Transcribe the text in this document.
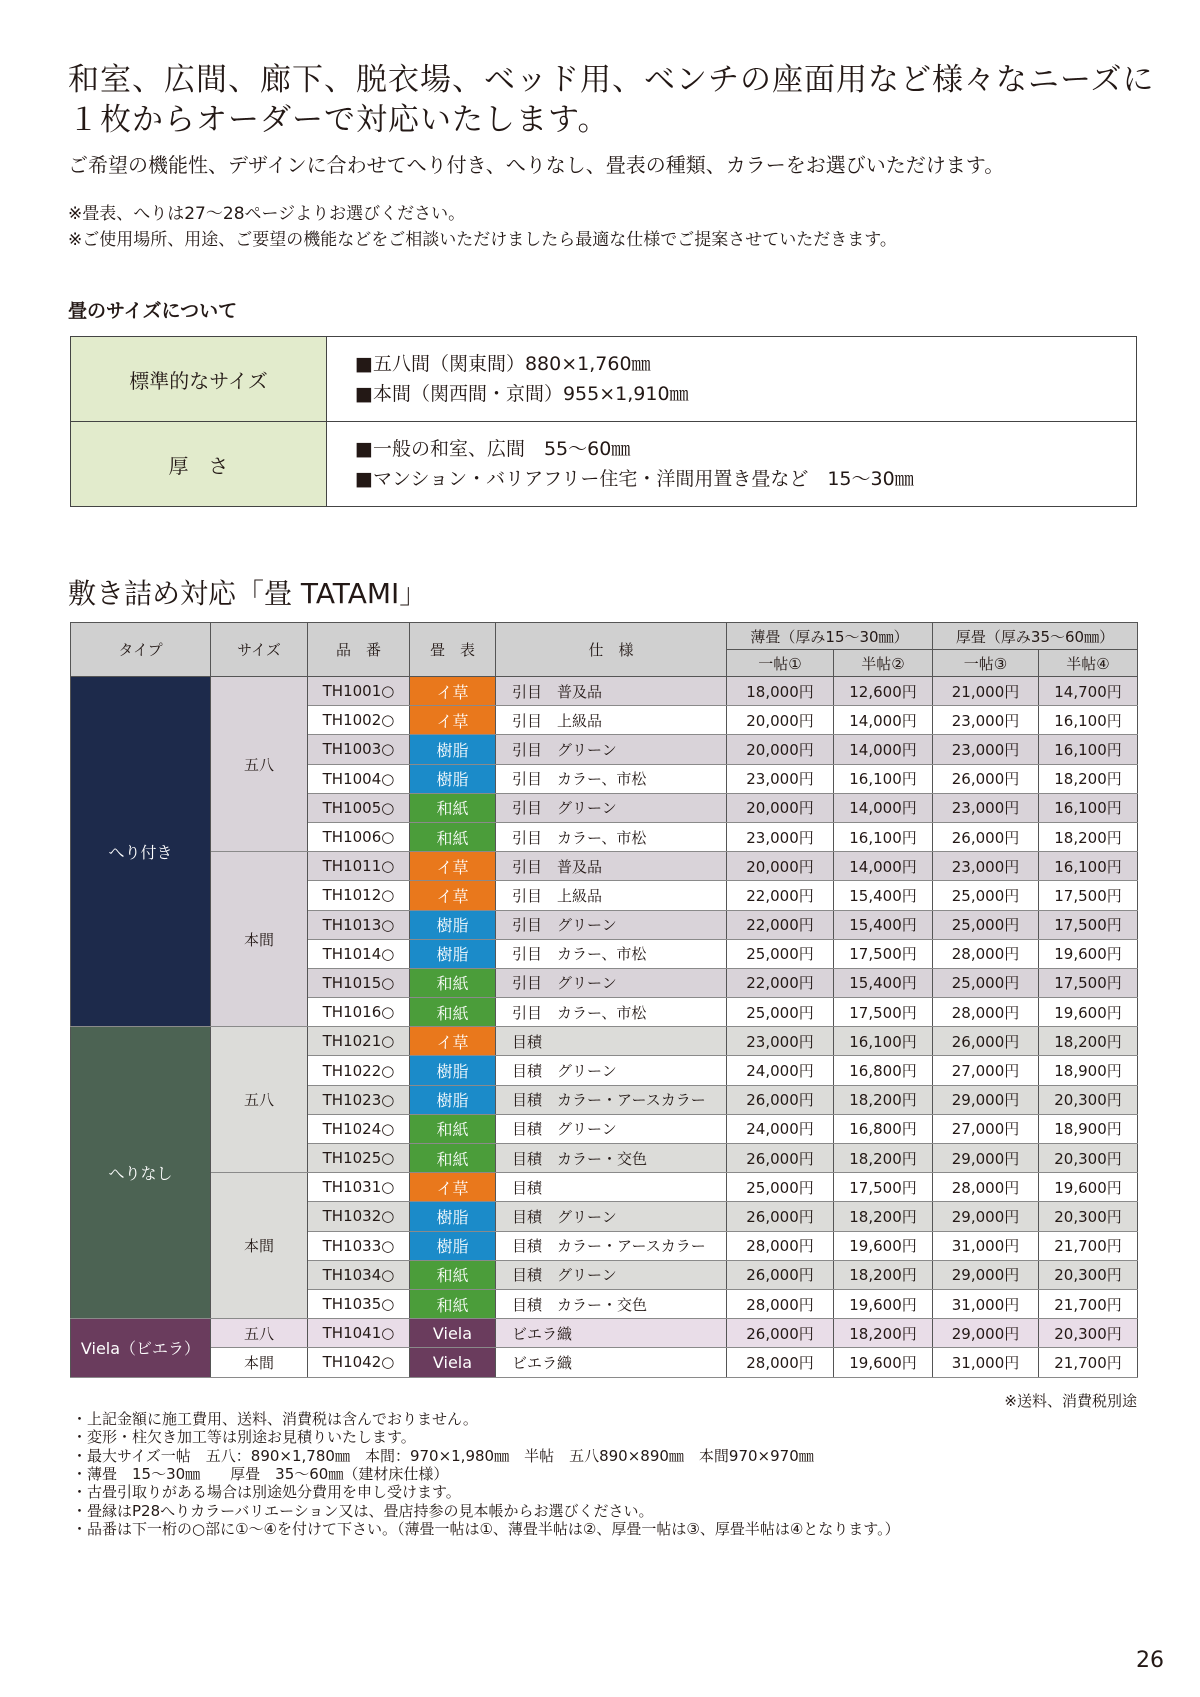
和室、広間、廊下、脱衣場、ベッド用、ベンチの座面用など様々なニーズに
１枚からオーダーで対応いたします。
ご希望の機能性、デザインに合わせてへり付き、へりなし、畳表の種類、カラーをお選びいただけます。
※畳表、へりは27〜28ページよりお選びください。
※ご使用場所、用途、ご要望の機能などをご相談いただけましたら最適な仕様でご提案させていただきます。
畳のサイズについて
標準的なサイズ	■五八間（関東間）880×1,760㎜
■本間（関西間・京間）955×1,910㎜

厚　さ	■一般の和室、広間　55〜60㎜
■マンション・バリアフリー住宅・洋間用置き畳など　15〜30㎜
敷き詰め対応「畳 TATAMI」
タイプ	サイズ	品　番	畳　表	仕　様	薄畳（厚み15〜30㎜）		厚畳（厚み35〜60㎜）	
					一帖①	半帖②	一帖③	半帖④
へり付き	五八	TH1001○	イ草	引目　普及品	18,000円	12,600円	21,000円	14,700円
		TH1002○	イ草	引目　上級品	20,000円	14,000円	23,000円	16,100円
		TH1003○	樹脂	引目　グリーン	20,000円	14,000円	23,000円	16,100円
		TH1004○	樹脂	引目　カラー、市松	23,000円	16,100円	26,000円	18,200円
		TH1005○	和紙	引目　グリーン	20,000円	14,000円	23,000円	16,100円
		TH1006○	和紙	引目　カラー、市松	23,000円	16,100円	26,000円	18,200円
	本間	TH1011○	イ草	引目　普及品	20,000円	14,000円	23,000円	16,100円
		TH1012○	イ草	引目　上級品	22,000円	15,400円	25,000円	17,500円
		TH1013○	樹脂	引目　グリーン	22,000円	15,400円	25,000円	17,500円
		TH1014○	樹脂	引目　カラー、市松	25,000円	17,500円	28,000円	19,600円
		TH1015○	和紙	引目　グリーン	22,000円	15,400円	25,000円	17,500円
		TH1016○	和紙	引目　カラー、市松	25,000円	17,500円	28,000円	19,600円
へりなし	五八	TH1021○	イ草	目積	23,000円	16,100円	26,000円	18,200円
		TH1022○	樹脂	目積　グリーン	24,000円	16,800円	27,000円	18,900円
		TH1023○	樹脂	目積　カラー・アースカラー	26,000円	18,200円	29,000円	20,300円
		TH1024○	和紙	目積　グリーン	24,000円	16,800円	27,000円	18,900円
		TH1025○	和紙	目積　カラー・交色	26,000円	18,200円	29,000円	20,300円
	本間	TH1031○	イ草	目積	25,000円	17,500円	28,000円	19,600円
		TH1032○	樹脂	目積　グリーン	26,000円	18,200円	29,000円	20,300円
		TH1033○	樹脂	目積　カラー・アースカラー	28,000円	19,600円	31,000円	21,700円
		TH1034○	和紙	目積　グリーン	26,000円	18,200円	29,000円	20,300円
		TH1035○	和紙	目積　カラー・交色	28,000円	19,600円	31,000円	21,700円
Viela（ビエラ）	五八	TH1041○	Viela	ビエラ織	26,000円	18,200円	29,000円	20,300円
	本間	TH1042○	Viela	ビエラ織	28,000円	19,600円	31,000円	21,700円
※送料、消費税別途
・上記金額に施工費用、送料、消費税は含んでおりません。
・変形・柱欠き加工等は別途お見積りいたします。
・最大サイズ一帖　五八：890×1,780㎜　本間：970×1,980㎜　半帖　五八890×890㎜　本間970×970㎜
・薄畳　15〜30㎜　　厚畳　35〜60㎜（建材床仕様）
・古畳引取りがある場合は別途処分費用を申し受けます。
・畳縁はP28へりカラーバリエーション又は、畳店持参の見本帳からお選びください。
・品番は下一桁の○部に①〜④を付けて下さい。（薄畳一帖は①、薄畳半帖は②、厚畳一帖は③、厚畳半帖は④となります。）
26
